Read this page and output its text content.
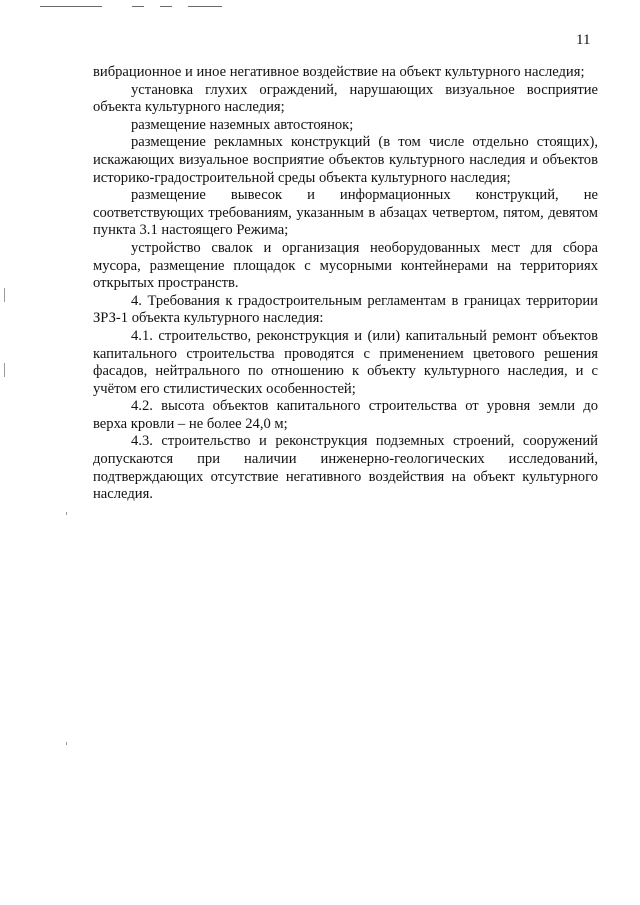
11

вибрационное и иное негативное воздействие на объект культурного наследия;

установка глухих ограждений, нарушающих визуальное восприятие объекта культурного наследия;

размещение наземных автостоянок;

размещение рекламных конструкций (в том числе отдельно стоящих), искажающих визуальное восприятие объектов культурного наследия и объектов историко-градостроительной среды объекта культурного наследия;

размещение вывесок и информационных конструкций, не соответствующих требованиям, указанным в абзацах четвертом, пятом, девятом пункта 3.1 настоящего Режима;

устройство свалок и организация необорудованных мест для сбора мусора, размещение площадок с мусорными контейнерами на территориях открытых пространств.

4. Требования к градостроительным регламентам в границах территории ЗРЗ-1 объекта культурного наследия:

4.1. строительство, реконструкция и (или) капитальный ремонт объектов капитального строительства проводятся с применением цветового решения фасадов, нейтрального по отношению к объекту культурного наследия, и с учётом его стилистических особенностей;

4.2. высота объектов капитального строительства от уровня земли до верха кровли – не более 24,0 м;

4.3. строительство и реконструкция подземных строений, сооружений допускаются при наличии инженерно-геологических исследований, подтверждающих отсутствие негативного воздействия на объект культурного наследия.
